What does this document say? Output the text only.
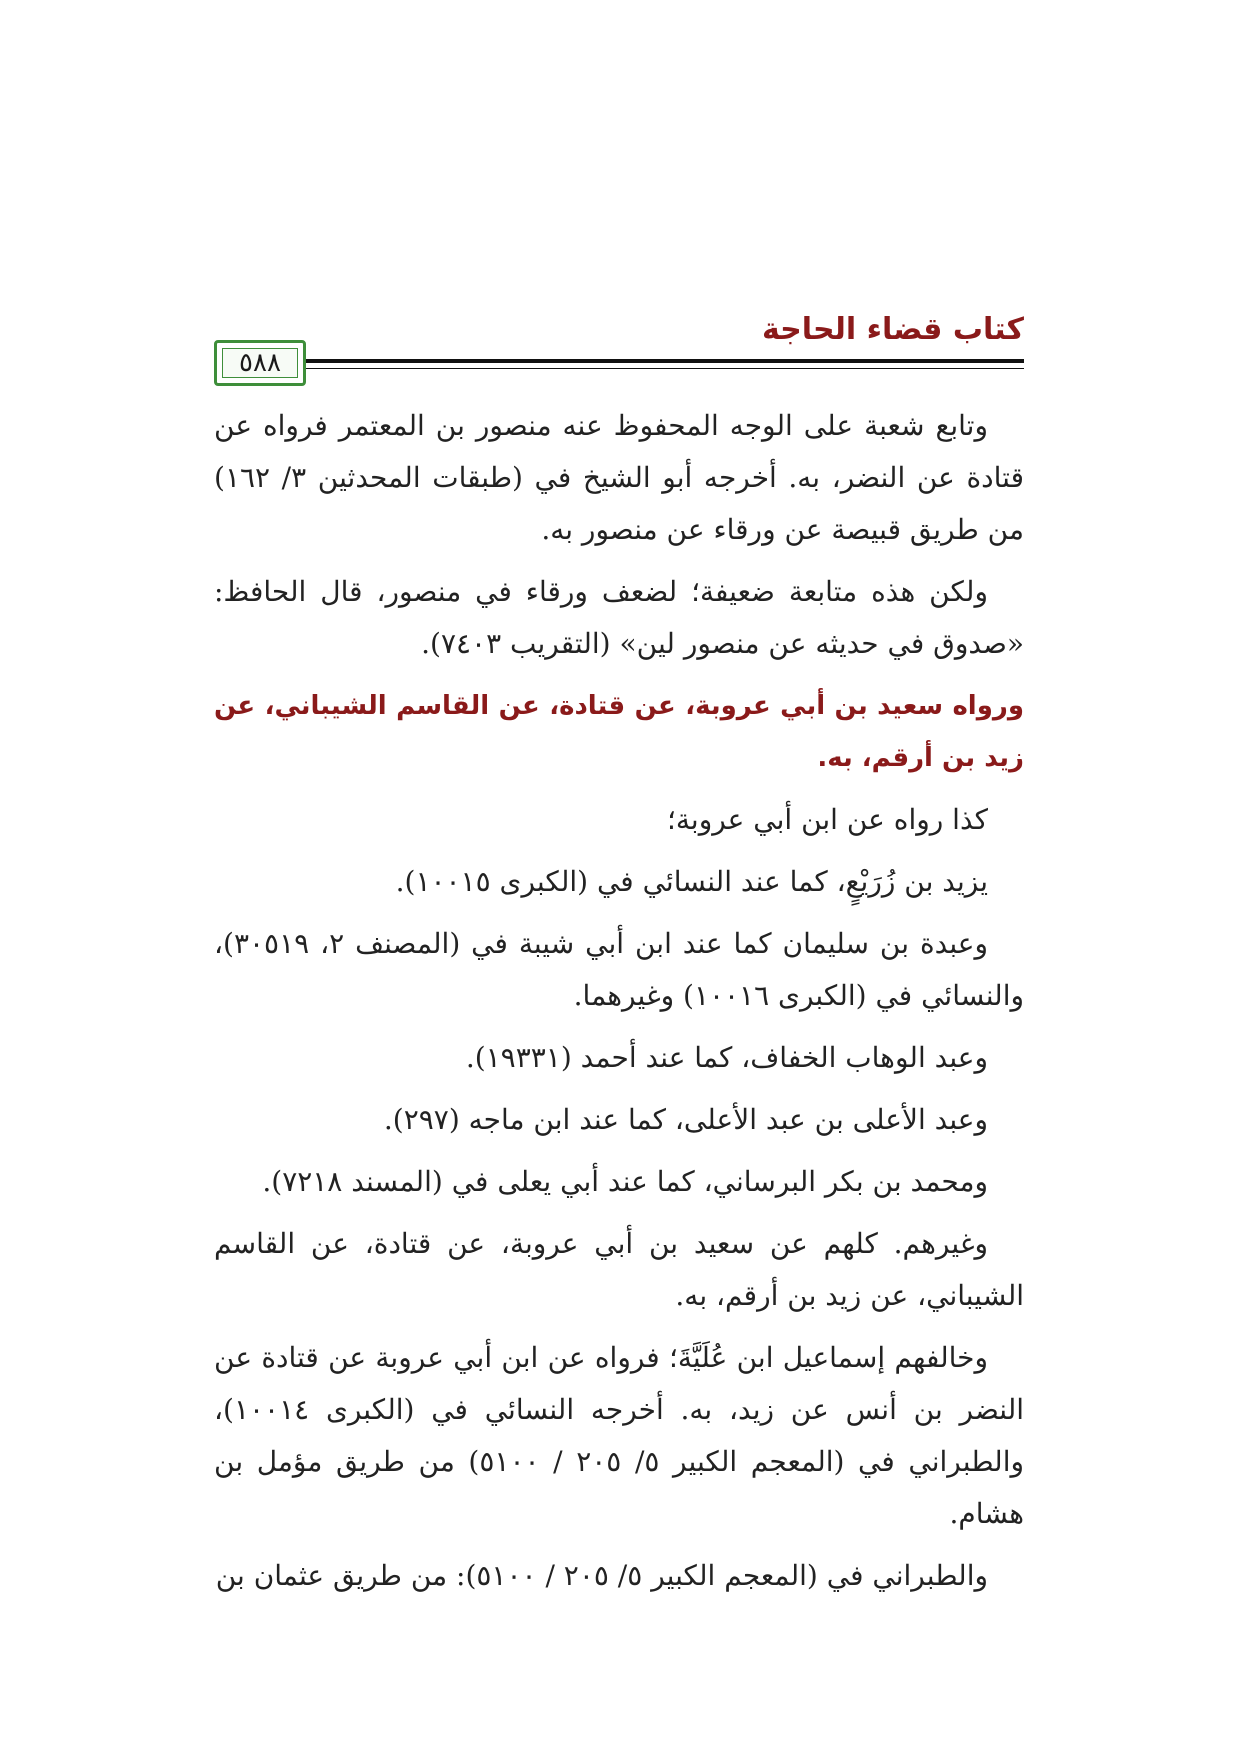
كتاب قضاء الحاجة
٥٨٨

وتابع شعبة على الوجه المحفوظ عنه منصور بن المعتمر فرواه عن قتادة عن النضر، به. أخرجه أبو الشيخ في (طبقات المحدثين ٣/ ١٦٢) من طريق قبيصة عن ورقاء عن منصور به.

ولكن هذه متابعة ضعيفة؛ لضعف ورقاء في منصور، قال الحافظ: «صدوق في حديثه عن منصور لين» (التقريب ٧٤٠٣).

ورواه سعيد بن أبي عروبة، عن قتادة، عن القاسم الشيباني، عن زيد بن أرقم، به.

كذا رواه عن ابن أبي عروبة؛

يزيد بن زُرَيْعٍ، كما عند النسائي في (الكبرى ١٠٠١٥).

وعبدة بن سليمان كما عند ابن أبي شيبة في (المصنف ٢، ٣٠٥١٩)، والنسائي في (الكبرى ١٠٠١٦) وغيرهما.

وعبد الوهاب الخفاف، كما عند أحمد (١٩٣٣١).

وعبد الأعلى بن عبد الأعلى، كما عند ابن ماجه (٢٩٧).

ومحمد بن بكر البرساني، كما عند أبي يعلى في (المسند ٧٢١٨).

وغيرهم. كلهم عن سعيد بن أبي عروبة، عن قتادة، عن القاسم الشيباني، عن زيد بن أرقم، به.

وخالفهم إسماعيل ابن عُلَيَّةَ؛ فرواه عن ابن أبي عروبة عن قتادة عن النضر بن أنس عن زيد، به. أخرجه النسائي في (الكبرى ١٠٠١٤)، والطبراني في (المعجم الكبير ٥/ ٢٠٥ / ٥١٠٠) من طريق مؤمل بن هشام.

والطبراني في (المعجم الكبير ٥/ ٢٠٥ / ٥١٠٠): من طريق عثمان بن
